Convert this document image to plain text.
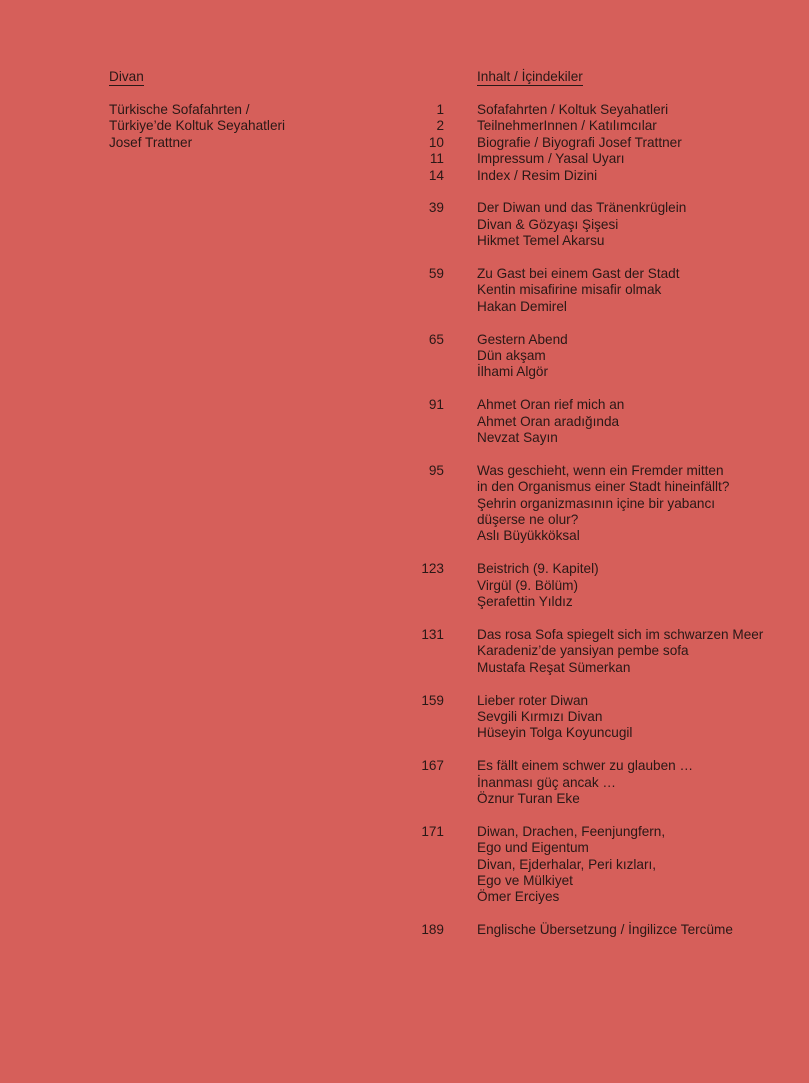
Divan	Inhalt / İçindekiler
Türkische Sofafahrten /
Türkiye’de Koltuk Seyahatleri
Josef Trattner
1 Sofafahrten / Koltuk Seyahatleri
2 TeilnehmerInnen / Katılımcılar
10 Biografie / Biyografi Josef Trattner
11 Impressum / Yasal Uyarı
14 Index / Resim Dizini
39 Der Diwan und das Tränenkrüglein
Divan & Gözyaşı Şişesi
Hikmet Temel Akarsu
59 Zu Gast bei einem Gast der Stadt
Kentin misafirine misafir olmak
Hakan Demirel
65 Gestern Abend
Dün akşam
İlhami Algör
91 Ahmet Oran rief mich an
Ahmet Oran aradığında
Nevzat Sayın
95 Was geschieht, wenn ein Fremder mitten
in den Organismus einer Stadt hineinfällt?
Şehrin organizmasının içine bir yabancı
düşerse ne olur?
Aslı Büyükköksal
123 Beistrich (9. Kapitel)
Virgül (9. Bölüm)
Şerafettin Yıldız
131 Das rosa Sofa spiegelt sich im schwarzen Meer
Karadeniz’de yansiyan pembe sofa
Mustafa Reşat Sümerkan
159 Lieber roter Diwan
Sevgili Kırmızı Divan
Hüseyin Tolga Koyuncugil
167 Es fällt einem schwer zu glauben …
İnanması güç ancak …
Öznur Turan Eke
171 Diwan, Drachen, Feenjungfern,
Ego und Eigentum
Divan, Ejderhalar, Peri kızları,
Ego ve Mülkiyet
Ömer Erciyes
189 Englische Übersetzung / İngilizce Tercüme
